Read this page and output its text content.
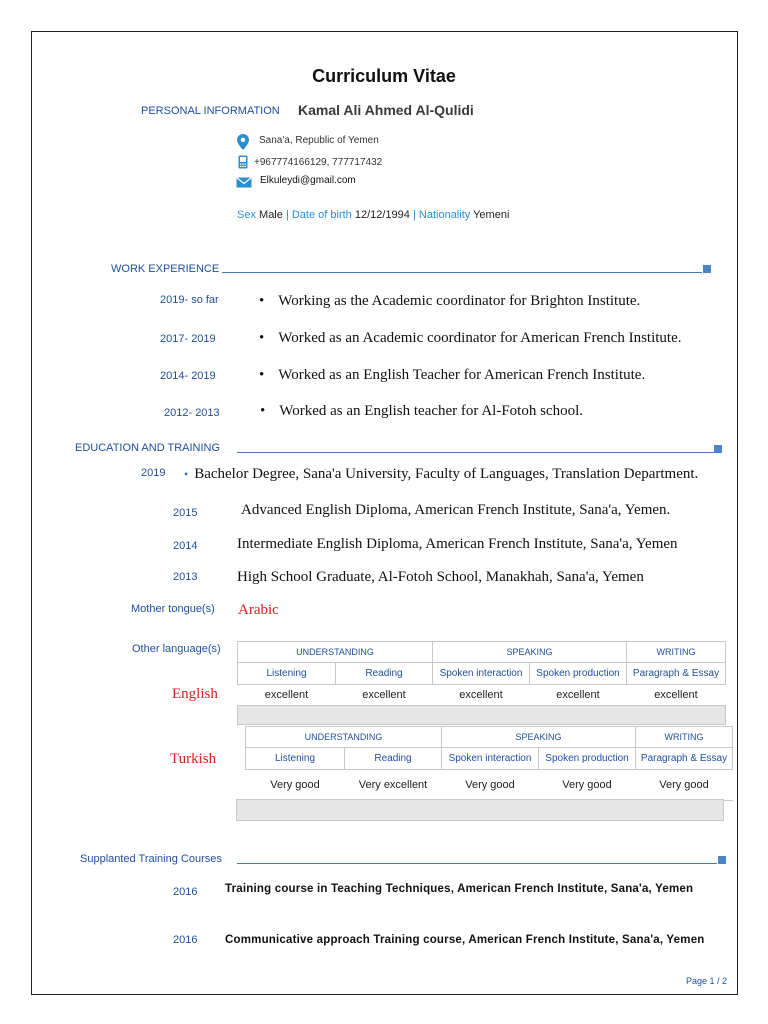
Curriculum Vitae
PERSONAL INFORMATION Kamal Ali Ahmed Al-Qulidi
Sana'a, Republic of Yemen
+967774166129, 777717432
Elkuleydi@gmail.com
Sex Male | Date of birth 12/12/1994 | Nationality Yemeni
WORK EXPERIENCE
2019- so far	• Working as the Academic coordinator for Brighton Institute.
2017- 2019	• Worked as an Academic coordinator for American French Institute.
2014- 2019	• Worked as an English Teacher for American French Institute.
2012- 2013	• Worked as an English teacher for Al-Fotoh school.
EDUCATION AND TRAINING
2019 • Bachelor Degree, Sana'a University, Faculty of Languages, Translation Department.
2015	Advanced English Diploma, American French Institute, Sana'a, Yemen.
2014	Intermediate English Diploma, American French Institute, Sana'a, Yemen
2013	High School Graduate, Al-Fotoh School, Manakhah, Sana'a, Yemen
Mother tongue(s) Arabic
Other language(s)	UNDERSTANDING		SPEAKING		WRITING
Listening	Reading	Spoken interaction	Spoken production	Paragraph & Essay
excellent	excellent	excellent	excellent	excellent

English
UNDERSTANDING		SPEAKING		WRITING
Listening	Reading	Spoken interaction	Spoken production	Paragraph & Essay
Very good	Very excellent	Very good	Very good	Very good
Turkish
Supplanted Training Courses
2016 Training course in Teaching Techniques, American French Institute, Sana'a, Yemen
2016 Communicative approach Training course, American French Institute, Sana'a, Yemen
Page 1 / 2
